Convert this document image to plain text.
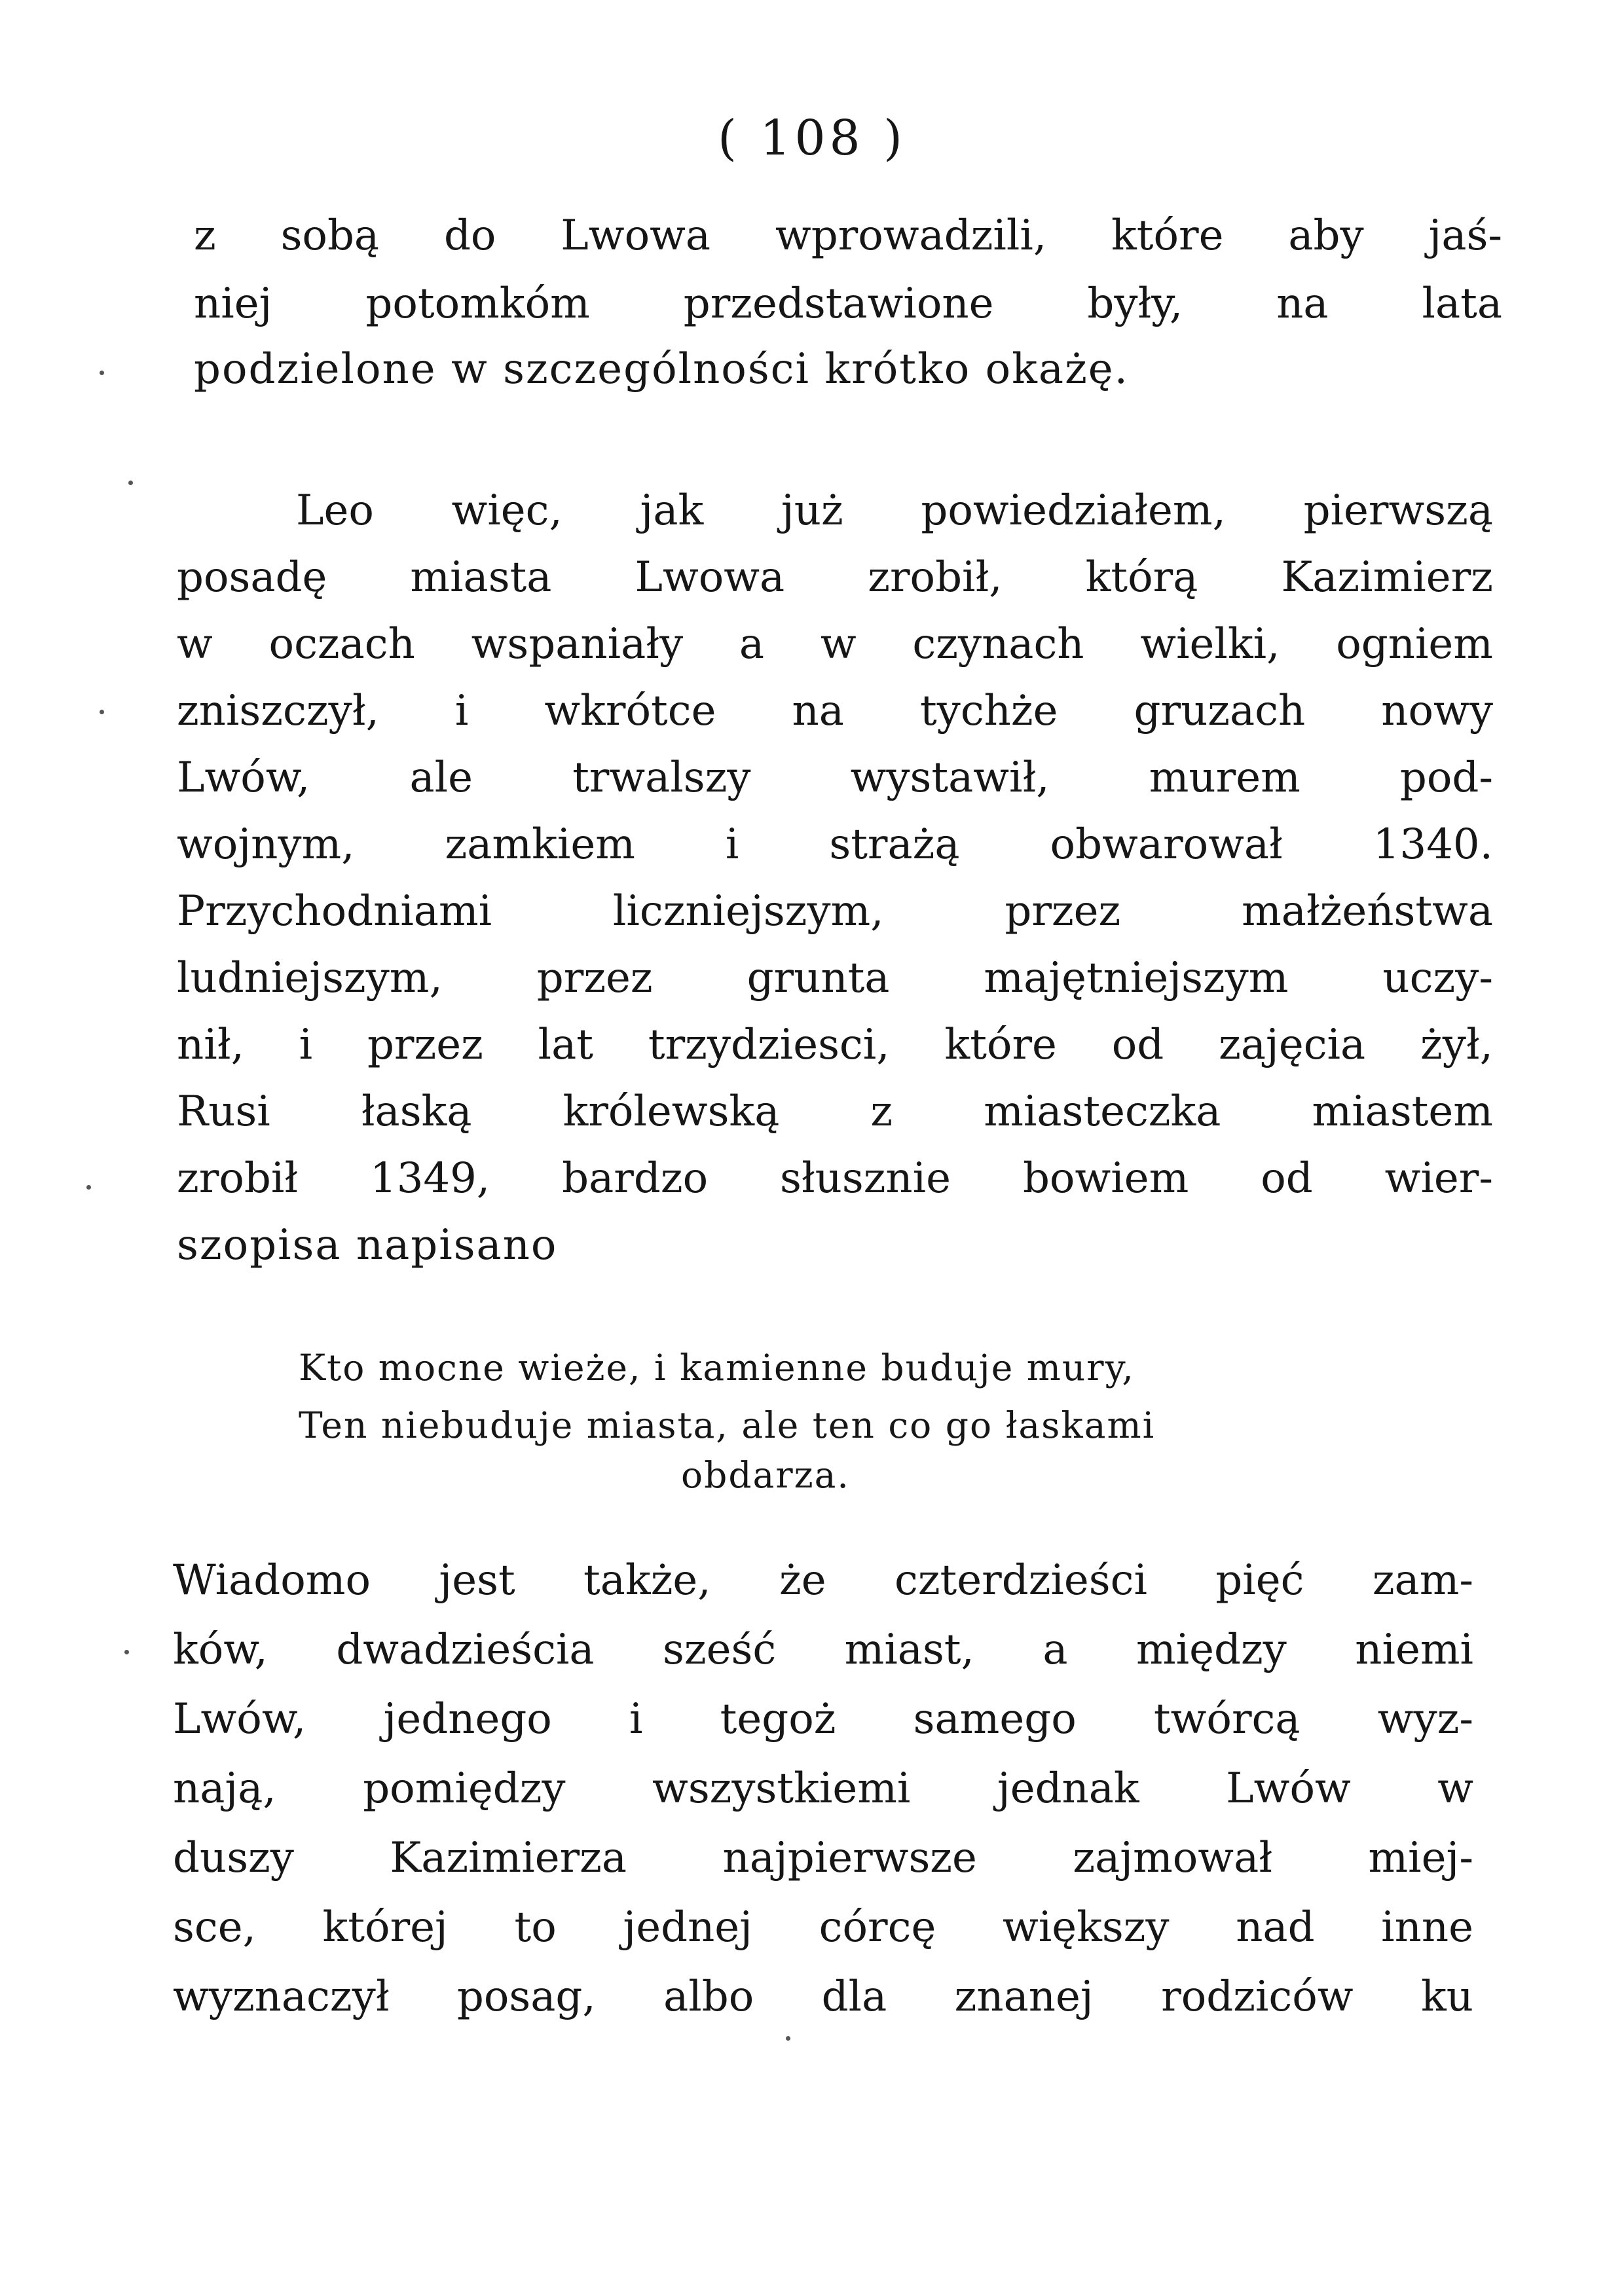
( 108 )
z sobą do Lwowa wprowadzili, które aby jaś-
niej potomkóm przedstawione były, na lata
podzielone w szczególności krótko okażę.
Leo więc, jak już powiedziałem, pierwszą
posadę miasta Lwowa zrobił, którą Kazimierz
w oczach wspaniały a w czynach wielki, ogniem
zniszczył, i wkrótce na tychże gruzach nowy
Lwów, ale trwalszy wystawił, murem pod-
wojnym, zamkiem i strażą obwarował 1340.
Przychodniami	liczniejszym,	przez	małżeństwa
ludniejszym, przez grunta majętniejszym uczy-
nił, i przez lat trzydziesci, które od zajęcia żył,
Rusi łaską królewską z miasteczka miastem
zrobił 1349, bardzo słusznie bowiem od wier-
szopisa napisano
Kto mocne wieże, i kamienne buduje mury,
Ten niebuduje miasta, ale ten co go łaskami
obdarza.
Wiadomo jest także, że czterdzieści pięć zam-
ków, dwadzieścia sześć miast, a między niemi
Lwów, jednego i tegoż samego twórcą wyz-
nają, pomiędzy wszystkiemi jednak Lwów w
duszy Kazimierza najpierwsze zajmował miej-
sce, której to jednej córcę większy nad inne
wyznaczył posag, albo dla znanej rodziców ku
